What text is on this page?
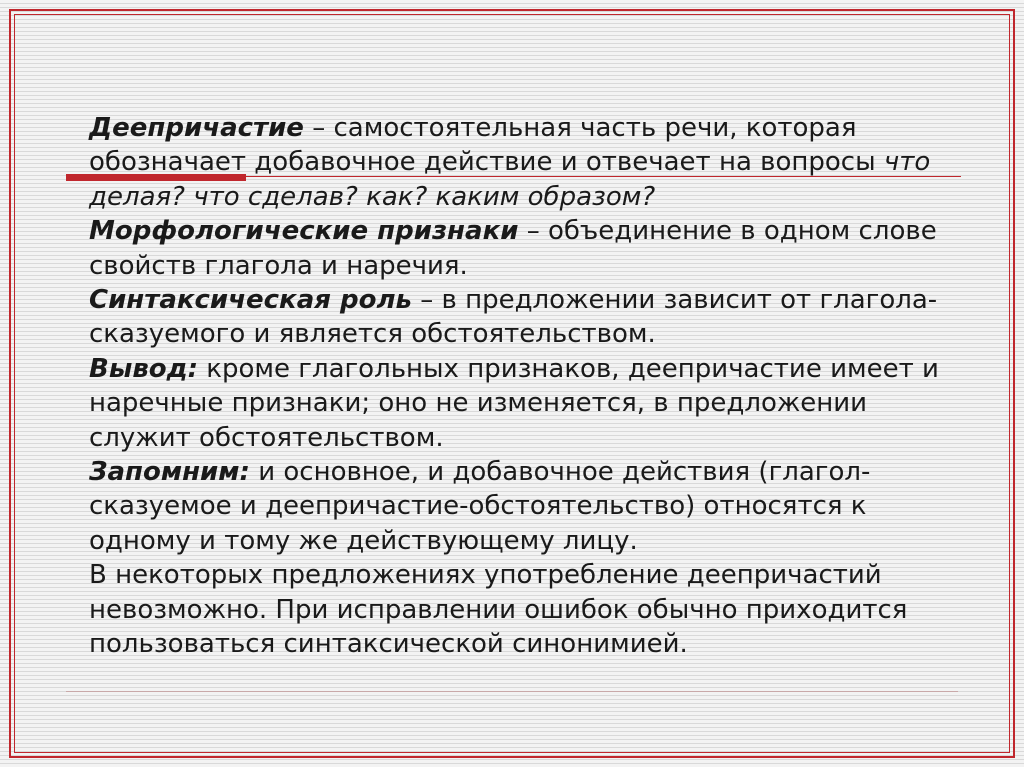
Деепричастие – самостоятельная часть речи, которая обозначает добавочное действие и отвечает на вопросы что делая? что сделав? как? каким образом?

Морфологические признаки – объединение в одном слове свойств глагола и наречия.

Синтаксическая роль – в предложении зависит от глагола-сказуемого и является обстоятельством.

Вывод: кроме глагольных признаков, деепричастие имеет и наречные признаки; оно не изменяется, в предложении служит обстоятельством.

Запомним: и основное, и добавочное действия (глагол-сказуемое и деепричастие-обстоятельство) относятся к одному и тому же действующему лицу.

В некоторых предложениях употребление деепричастий невозможно. При исправлении ошибок обычно приходится пользоваться синтаксической синонимией.
